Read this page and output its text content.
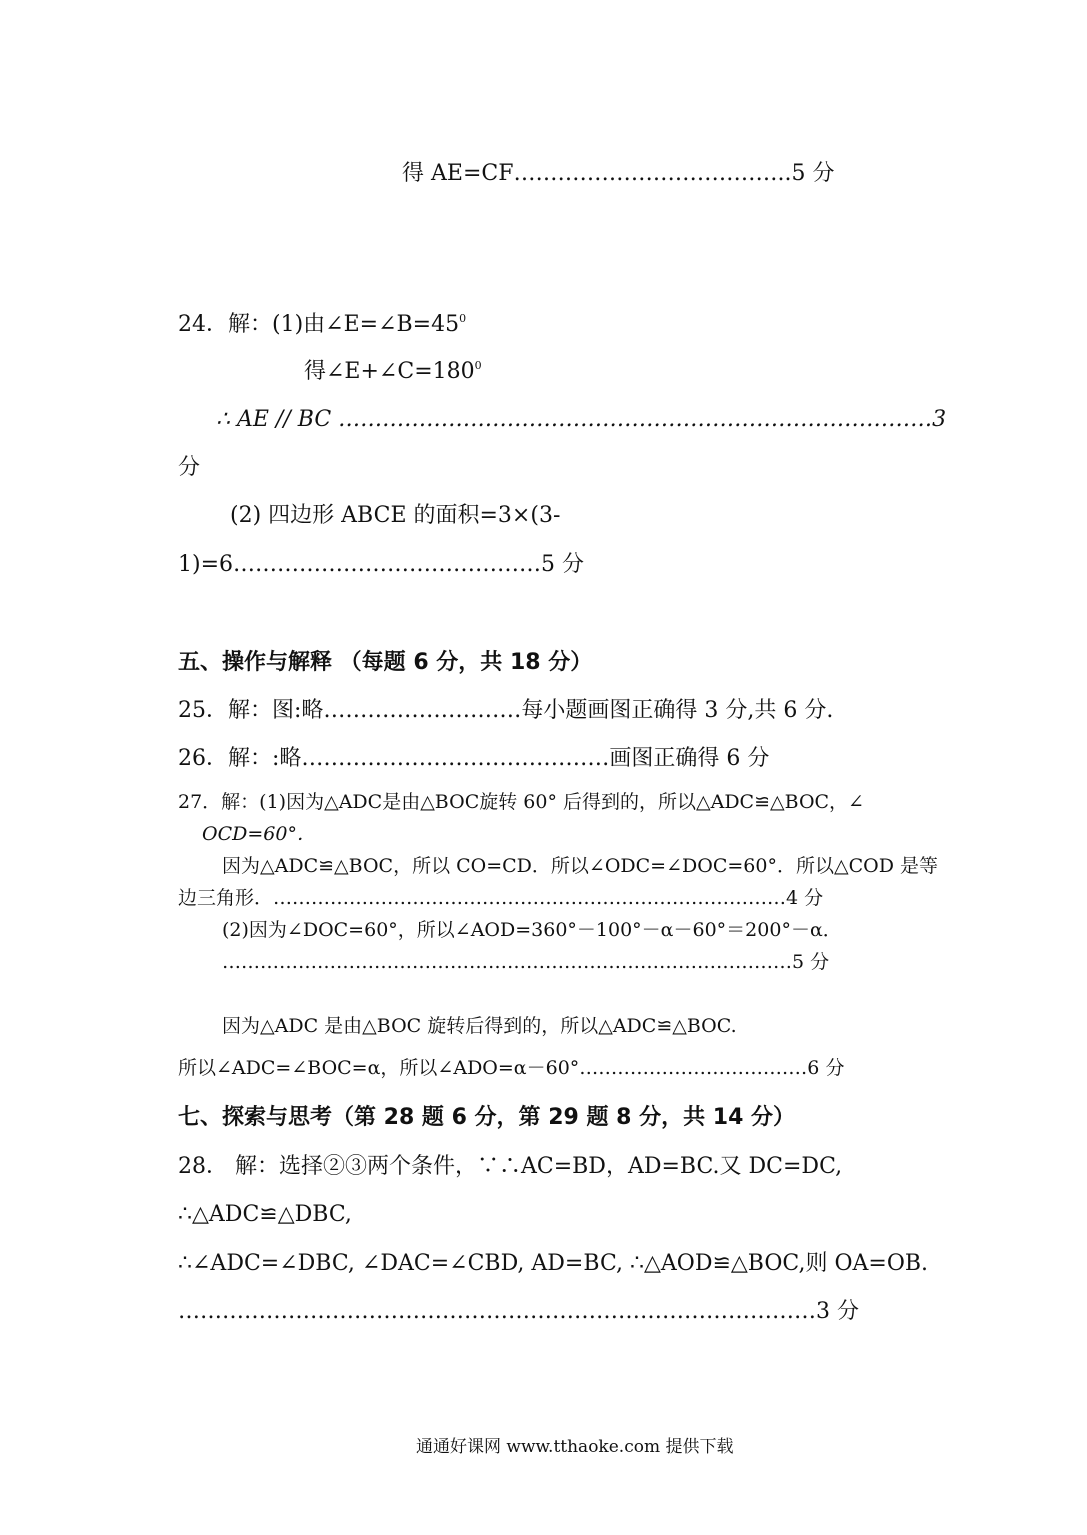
得 AE=CF………………………………..5 分
24．解：(1)由$\angle E=\angle B=45^0$
得$\angle E+\angle C=180^0$
∴ AE // BC ………………………………………………………………………3
分
(2) 四边形 ABCE 的面积=3×(3-
1)=6……………………………………5 分
五、操作与解释 （每题 6 分，共 18 分）
25．解：图:略………………………每小题画图正确得 3 分,共 6 分.
26．解：:略……………………………………画图正确得 6 分
27．解：(1)因为△ADC是由△BOC旋转 60° 后得到的，所以△ADC≌△BOC，∠
OCD=60°．
因为△ADC≌△BOC，所以 CO=CD．所以∠ODC=∠DOC=60°．所以△COD 是等
边三角形．………………………………………………………………………4 分
(2)因为∠DOC=60°，所以∠AOD=360°－100°－α－60°＝200°－α．
………………………………………………………………………………5 分
因为△ADC 是由△BOC 旋转后得到的，所以△ADC≌△BOC.
所以∠ADC=∠BOC=α，所以∠ADO=α－60°………………………………6 分
七、探索与思考（第 28 题 6 分，第 29 题 8 分，共 14 分）
28． 解：选择②③两个条件，∵∴AC=BD，AD=BC.又 DC=DC,
∴△ADC≌△DBC,
∴∠ADC=∠DBC, ∠DAC=∠CBD, AD=BC, ∴△AOD≌△BOC,则 OA=OB.
……………………………………………………………………………3 分
通通好课网 www.tthaoke.com 提供下载
